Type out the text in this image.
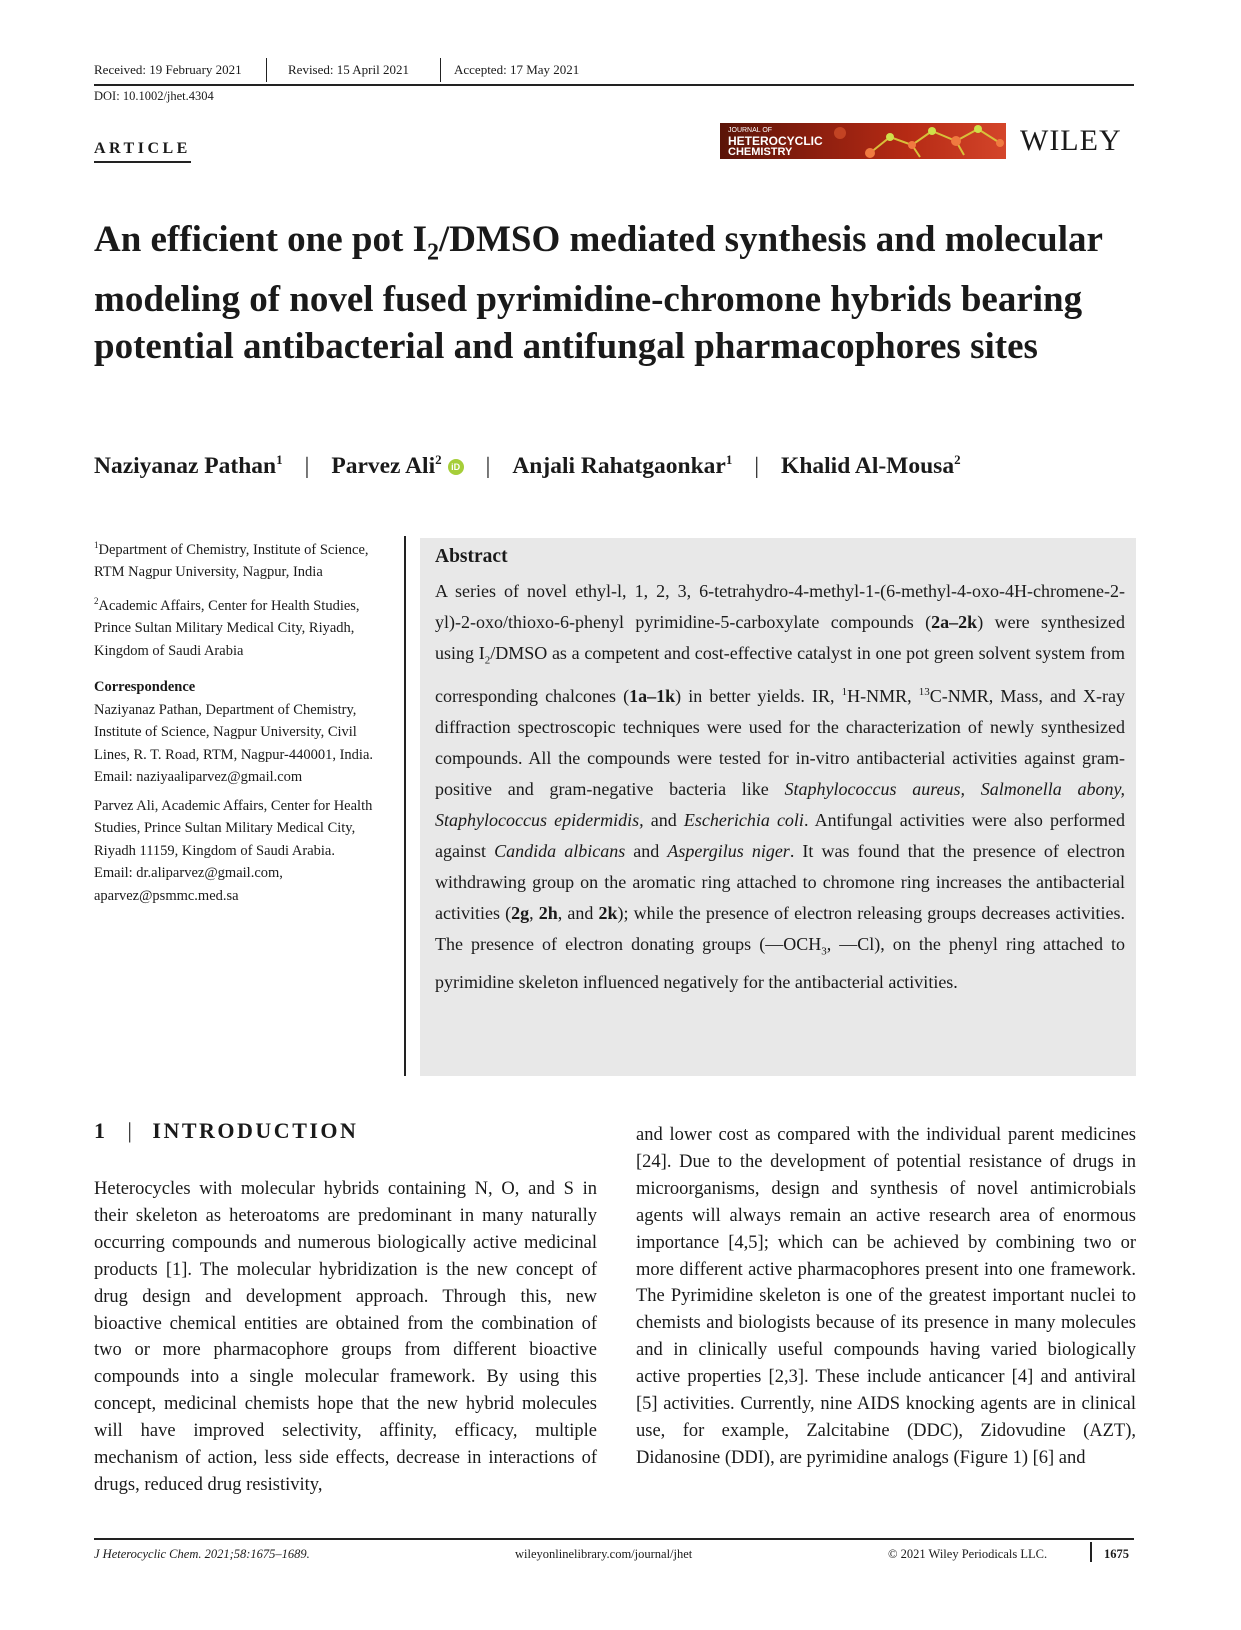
Received: 19 February 2021	Revised: 15 April 2021	Accepted: 17 May 2021
DOI: 10.1002/jhet.4304
ARTICLE
JOURNAL OF
HETEROCYCLIC
CHEMISTRY	WILEY
An efficient one pot $I_2$/DMSO mediated synthesis and molecular modeling of novel fused pyrimidine-chromone hybrids bearing potential antibacterial and antifungal pharmacophores sites
Naziyanaz Pathan$^1$ | Parvez Ali$^2$ iD | Anjali Rahatgaonkar$^1$ | Khalid Al-Mousa$^2$

$^1$Department of Chemistry, Institute of Science, RTM Nagpur University, Nagpur, India

$^2$Academic Affairs, Center for Health Studies, Prince Sultan Military Medical City, Riyadh, Kingdom of Saudi Arabia

Correspondence

Naziyanaz Pathan, Department of Chemistry, Institute of Science, Nagpur University, Civil Lines, R. T. Road, RTM, Nagpur-440001, India.

Email: naziyaaliparvez@gmail.com

Parvez Ali, Academic Affairs, Center for Health Studies, Prince Sultan Military Medical City, Riyadh 11159, Kingdom of Saudi Arabia.

Email: dr.aliparvez@gmail.com,

aparvez@psmmc.med.sa

Abstract

A series of novel ethyl-l, 1, 2, 3, 6-tetrahydro-4-methyl-1-(6-methyl-4-oxo-4H-chromene-2-yl)-2-oxo/thioxo-6-phenyl pyrimidine-5-carboxylate compounds (2a–2k) were synthesized using $I_2$/DMSO as a competent and cost-effective catalyst in one pot green solvent system from corresponding chalcones (1a–1k) in better yields. IR, $^1$H-NMR, $^{13}$C-NMR, Mass, and X-ray diffraction spectroscopic techniques were used for the characterization of newly synthesized compounds. All the compounds were tested for in-vitro antibacterial activities against gram-positive and gram-negative bacteria like Staphylococcus aureus, Salmonella abony, Staphylococcus epidermidis, and Escherichia coli. Antifungal activities were also performed against Candida albicans and Aspergilus niger. It was found that the presence of electron withdrawing group on the aromatic ring attached to chromone ring increases the antibacterial activities (2g, 2h, and 2k); while the presence of electron releasing groups decreases activities. The presence of electron donating groups ($—OCH_3$, —Cl), on the phenyl ring attached to pyrimidine skeleton influenced negatively for the antibacterial activities.

1 | INTRODUCTION

Heterocycles with molecular hybrids containing N, O, and S in their skeleton as heteroatoms are predominant in many naturally occurring compounds and numerous biologically active medicinal products [1]. The molecular hybridization is the new concept of drug design and development approach. Through this, new bioactive chemical entities are obtained from the combination of two or more pharmacophore groups from different bioactive compounds into a single molecular framework. By using this concept, medicinal chemists hope that the new hybrid molecules will have improved selectivity, affinity, efficacy, multiple mechanism of action, less side effects, decrease in interactions of drugs, reduced drug resistivity,

and lower cost as compared with the individual parent medicines [24]. Due to the development of potential resistance of drugs in microorganisms, design and synthesis of novel antimicrobials agents will always remain an active research area of enormous importance [4,5]; which can be achieved by combining two or more different active pharmacophores present into one framework. The Pyrimidine skeleton is one of the greatest important nuclei to chemists and biologists because of its presence in many molecules and in clinically useful compounds having varied biologically active properties [2,3]. These include anticancer [4] and antiviral [5] activities. Currently, nine AIDS knocking agents are in clinical use, for example, Zalcitabine (DDC), Zidovudine (AZT), Didanosine (DDI), are pyrimidine analogs (Figure 1) [6] and

J Heterocyclic Chem. 2021;58:1675–1689.	wileyonlinelibrary.com/journal/jhet	© 2021 Wiley Periodicals LLC.	1675
